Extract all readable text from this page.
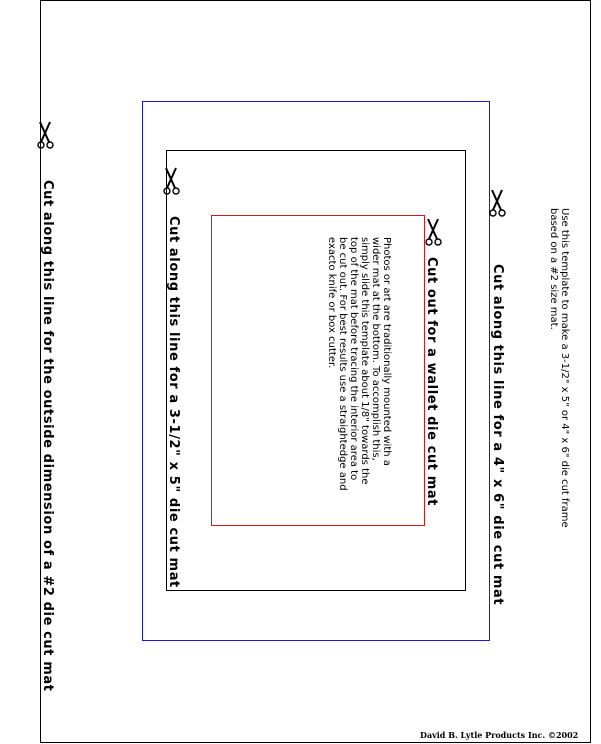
Cut along this line for the outside dimension of a #2 die cut mat	Cut along this line for a 3-1/2" x 5" die cut mat	Cut along this line for a 4" x 6" die cut mat
Cut out for a wallet die cut mat	Use this template to make a 3-1/2" x 5" or 4" x 6" die cut frame based on a #2 size mat.
Photos or art are traditionally mounted with a wider mat at the bottom. To accomplish this, simply slide this template about 1/8" towards the top of the mat before tracing the interior area to be cut out. For best results use a straightedge and exacto knife or box cutter.
David B. Lytle Products Inc. ©2002
